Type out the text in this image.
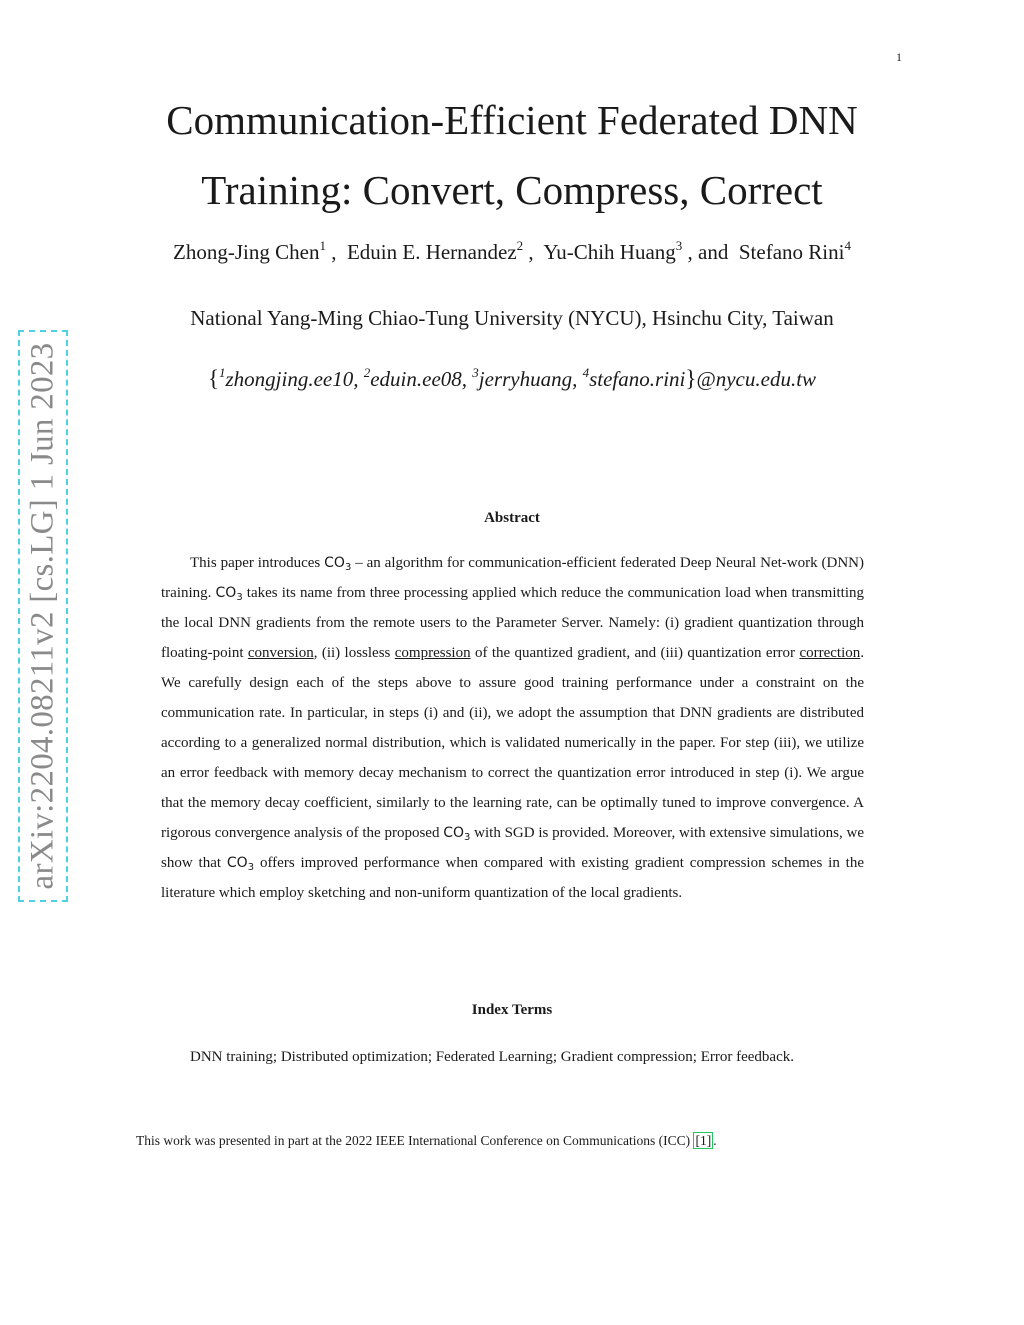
1
arXiv:2204.08211v2 [cs.LG] 1 Jun 2023
Communication-Efficient Federated DNN
Training: Convert, Compress, Correct
Zhong-Jing Chen$^1$ ,  Eduin E. Hernandez$^2$ ,  Yu-Chih Huang$^3$ , and  Stefano Rini$^4$
National Yang-Ming Chiao-Tung University (NYCU), Hsinchu City, Taiwan
{$^1$zhongjing.ee10, $^2$eduin.ee08, $^3$jerryhuang, $^4$stefano.rini}@nycu.edu.tw
Abstract

This paper introduces $CO_3$ – an algorithm for communication-efficient federated Deep Neural Net-work (DNN) training. $CO_3$ takes its name from three processing applied which reduce the communication load when transmitting the local DNN gradients from the remote users to the Parameter Server. Namely: (i) gradient quantization through floating-point conversion, (ii) lossless compression of the quantized gradient, and (iii) quantization error correction. We carefully design each of the steps above to assure good training performance under a constraint on the communication rate. In particular, in steps (i) and (ii), we adopt the assumption that DNN gradients are distributed according to a generalized normal distribution, which is validated numerically in the paper. For step (iii), we utilize an error feedback with memory decay mechanism to correct the quantization error introduced in step (i). We argue that the memory decay coefficient, similarly to the learning rate, can be optimally tuned to improve convergence. A rigorous convergence analysis of the proposed $CO_3$ with SGD is provided. Moreover, with extensive simulations, we show that $CO_3$ offers improved performance when compared with existing gradient compression schemes in the literature which employ sketching and non-uniform quantization of the local gradients.

Index Terms

DNN training; Distributed optimization; Federated Learning; Gradient compression; Error feedback.

This work was presented in part at the 2022 IEEE International Conference on Communications (ICC) [1] .
